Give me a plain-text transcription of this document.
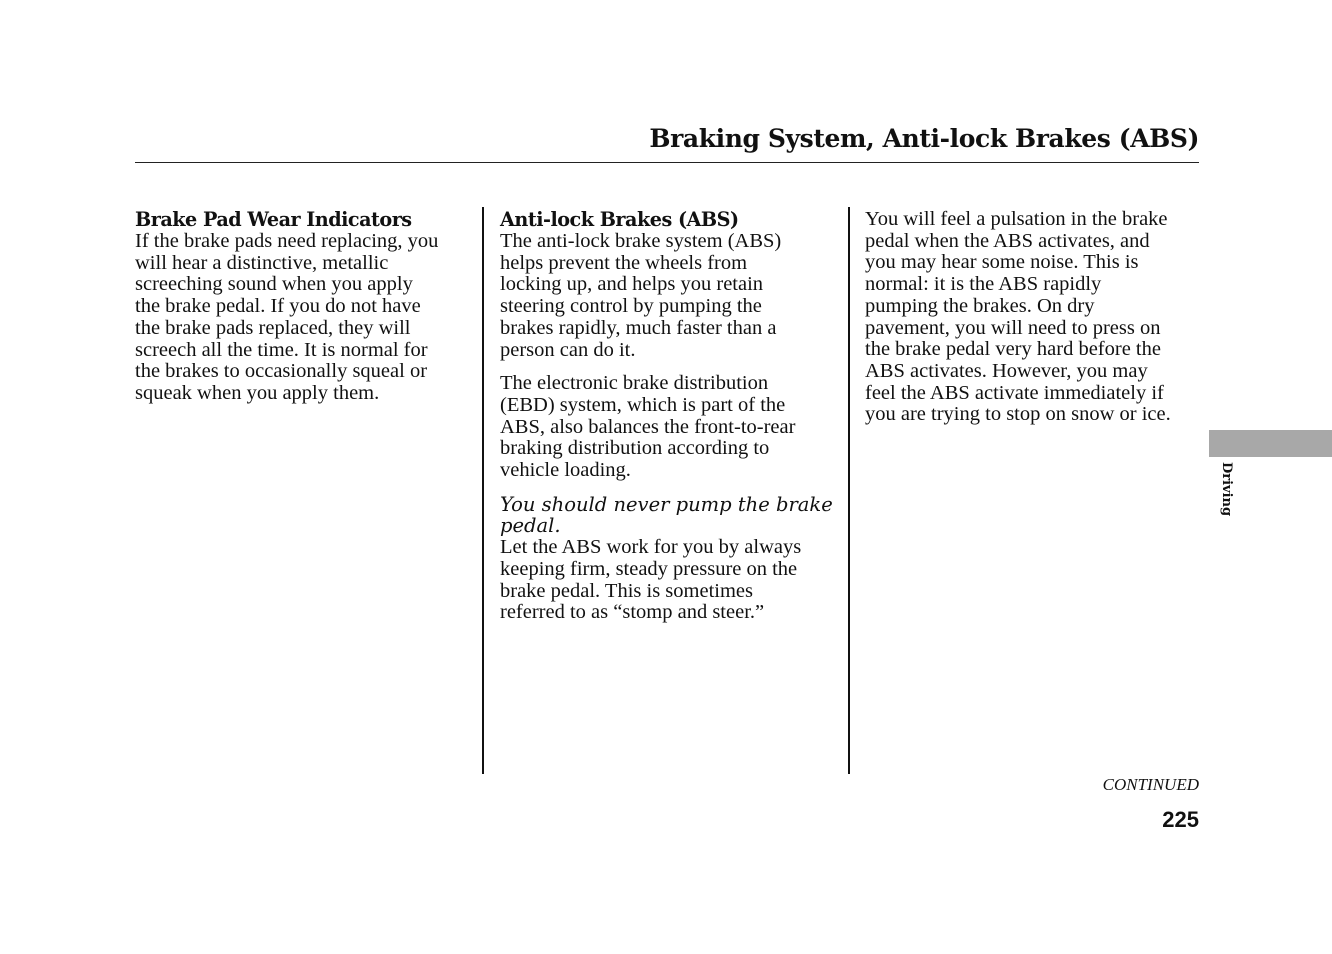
Braking System, Anti-lock Brakes (ABS)
Brake Pad Wear Indicators

If the brake pads need replacing, you
will hear a distinctive, metallic
screeching sound when you apply
the brake pedal. If you do not have
the brake pads replaced, they will
screech all the time. It is normal for
the brakes to occasionally squeal or
squeak when you apply them.

Anti-lock Brakes (ABS)

The anti-lock brake system (ABS)
helps prevent the wheels from
locking up, and helps you retain
steering control by pumping the
brakes rapidly, much faster than a
person can do it.

The electronic brake distribution
(EBD) system, which is part of the
ABS, also balances the front-to-rear
braking distribution according to
vehicle loading.

You should never pump the brake pedal.

Let the ABS work for you by always
keeping firm, steady pressure on the
brake pedal. This is sometimes
referred to as “stomp and steer.”

You will feel a pulsation in the brake
pedal when the ABS activates, and
you may hear some noise. This is
normal: it is the ABS rapidly
pumping the brakes. On dry
pavement, you will need to press on
the brake pedal very hard before the
ABS activates. However, you may
feel the ABS activate immediately if
you are trying to stop on snow or ice.

Driving
CONTINUED
225
